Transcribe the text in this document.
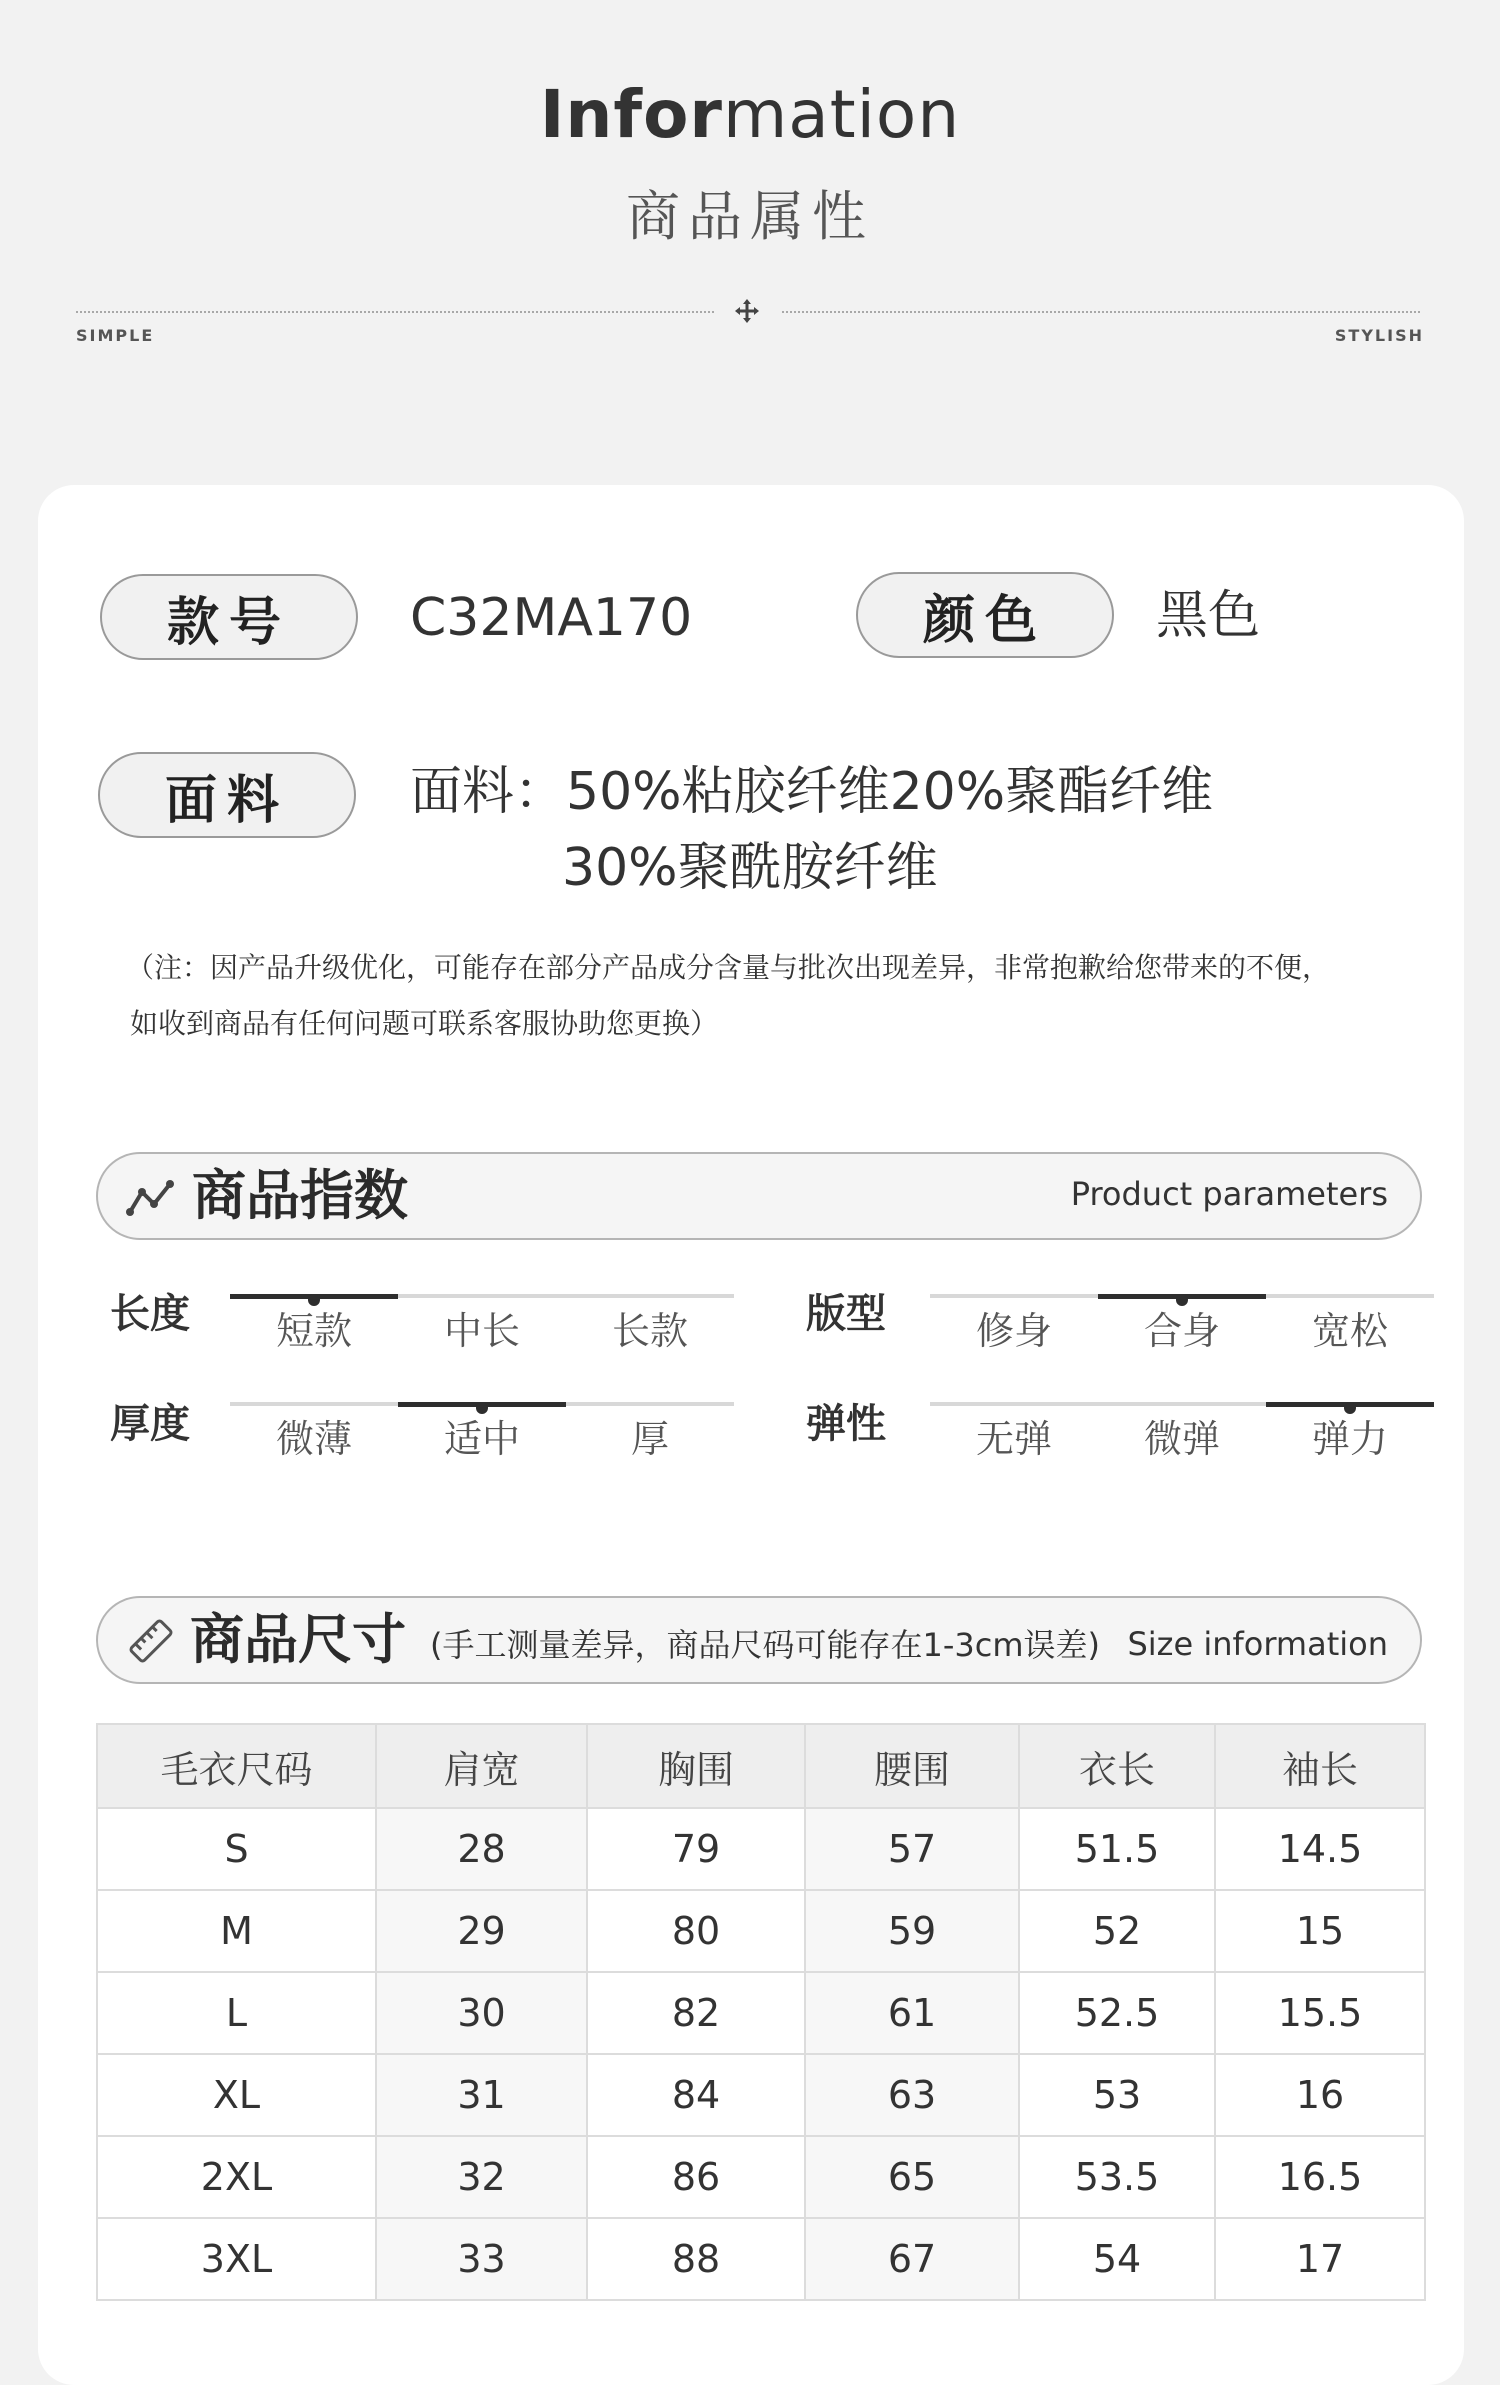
Information
商品属性
SIMPLE	STYLISH
款号	C32MA170	颜色	黑色
面料	面料：50%粘胶纤维20%聚酯纤维
30%聚酰胺纤维
（注：因产品升级优化，可能存在部分产品成分含量与批次出现差异，非常抱歉给您带来的不便，
如收到商品有任何问题可联系客服协助您更换）
商品指数	Product parameters
长度	短款	中长	长款	版型	修身	合身	宽松
厚度	微薄	适中	厚	弹性	无弹	微弹	弹力
商品尺寸 (手工测量差异，商品尺码可能存在1-3cm误差) Size information
毛衣尺码	肩宽	胸围	腰围	衣长	袖长
S	28	79	57	51.5	14.5
M	29	80	59	52	15
L	30	82	61	52.5	15.5
XL	31	84	63	53	16
2XL	32	86	65	53.5	16.5
3XL	33	88	67	54	17
